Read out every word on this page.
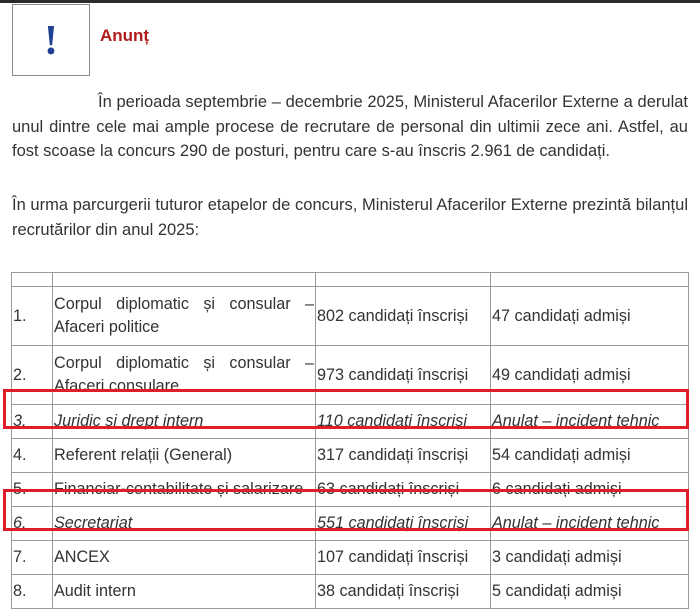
!	Anunț

În perioada septembrie – decembrie 2025, Ministerul Afacerilor Externe a derulat unul dintre cele mai ample procese de recrutare de personal din ultimii zece ani. Astfel, au fost scoase la concurs 290 de posturi, pentru care s-au înscris 2.961 de candidați.

În urma parcurgerii tuturor etapelor de concurs, Ministerul Afacerilor Externe prezintă bilanțul recrutărilor din anul 2025:

1.	Corpul diplomatic și consular – Afaceri politice	802 candidați înscriși	47 candidați admiși
2.	Corpul diplomatic și consular – Afaceri consulare	973 candidați înscriși	49 candidați admiși
3.	Juridic și drept intern	110 candidați înscriși	Anulat – incident tehnic
4.	Referent relații (General)	317 candidați înscriși	54 candidați admiși
5.	Financiar-contabilitate și salarizare	63 candidați înscriși	6 candidați admiși
6.	Secretariat	551 candidați înscriși	Anulat – incident tehnic
7.	ANCEX	107 candidați înscriși	3 candidați admiși
8.	Audit intern	38 candidați înscriși	5 candidați admiși
